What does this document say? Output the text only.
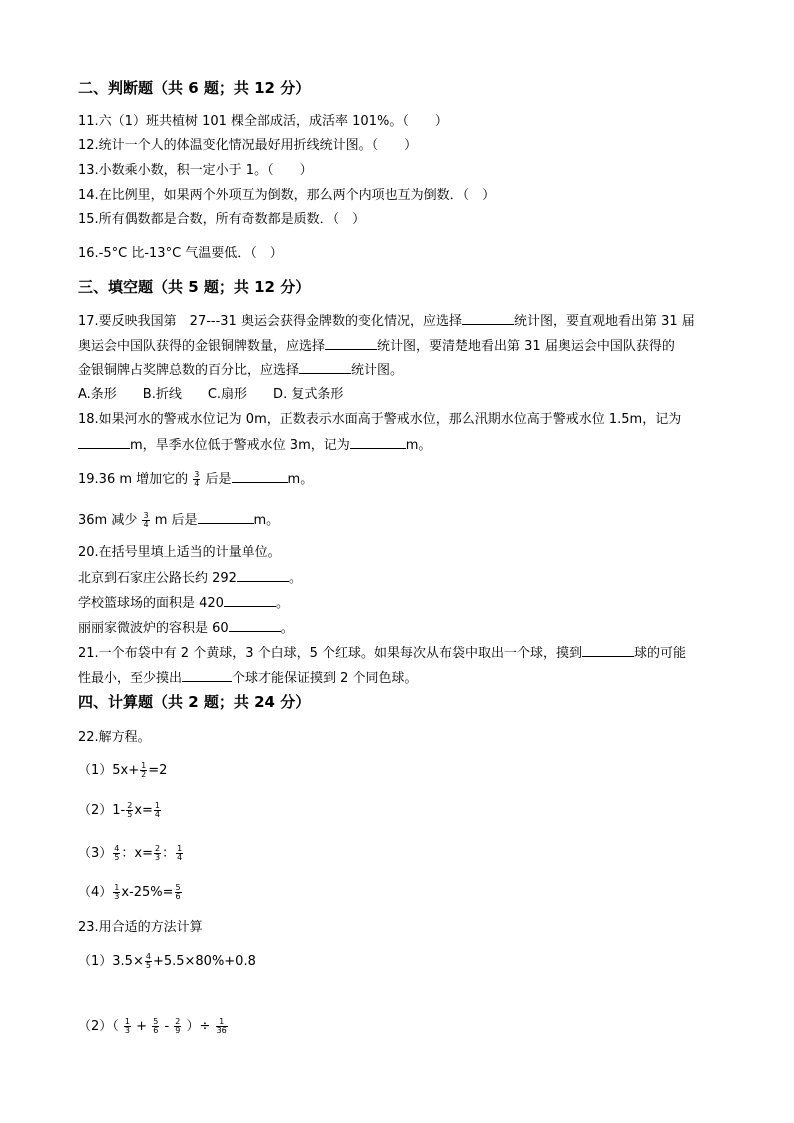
二、判断题（共 6 题；共 12 分）
11.六（1）班共植树 101 棵全部成活，成活率 101%。（　　）
12.统计一个人的体温变化情况最好用折线统计图。（　　）
13.小数乘小数，积一定小于 1。（　　）
14.在比例里，如果两个外项互为倒数，那么两个内项也互为倒数．（　）
15.所有偶数都是合数，所有奇数都是质数．（　）
16.-5°C 比-13°C 气温要低．（　）
三、填空题（共 5 题；共 12 分）
17.要反映我国第　27---31 奥运会获得金牌数的变化情况，应选择	统计图，要直观地看出第 31 届
奥运会中国队获得的金银铜牌数量，应选择	统计图，要清楚地看出第 31 届奥运会中国队获得的
金银铜牌占奖牌总数的百分比，应选择	统计图。
A.条形　　B.折线　　C.扇形　　D. 复式条形
18.如果河水的警戒水位记为 0m，正数表示水面高于警戒水位，那么汛期水位高于警戒水位 1.5m，记为
m，旱季水位低于警戒水位 3m，记为	m。
19.36 m 增加它的 $\frac{3}{4}$ 后是	m。
36m 减少 $\frac{3}{4}$ m 后是	m。
20.在括号里填上适当的计量单位。
北京到石家庄公路长约 292	。
学校篮球场的面积是 420	。
丽丽家微波炉的容积是 60	。
21.一个布袋中有 2 个黄球，3 个白球，5 个红球。如果每次从布袋中取出一个球，摸到	球的可能
性最小，至少摸出	个球才能保证摸到 2 个同色球。
四、计算题（共 2 题；共 24 分）
22.解方程。
$(1)5x+ \frac{1}{2} =2$
$(2)1- \frac{2}{5} x= \frac{1}{4}$
$(3) \frac{4}{5}$ ：$x= \frac{2}{3}$ ： $\frac{1}{4}$
$(4) \frac{1}{3} x-25\%= \frac{5}{6}$
23.用合适的方法计算
$(1)3.5\times \frac{4}{5} +5.5\times 80\%+0.8$
$(2)( \frac{1}{3} + \frac{5}{6} - \frac{2}{9}$ ）÷ $\frac{1}{36}$
